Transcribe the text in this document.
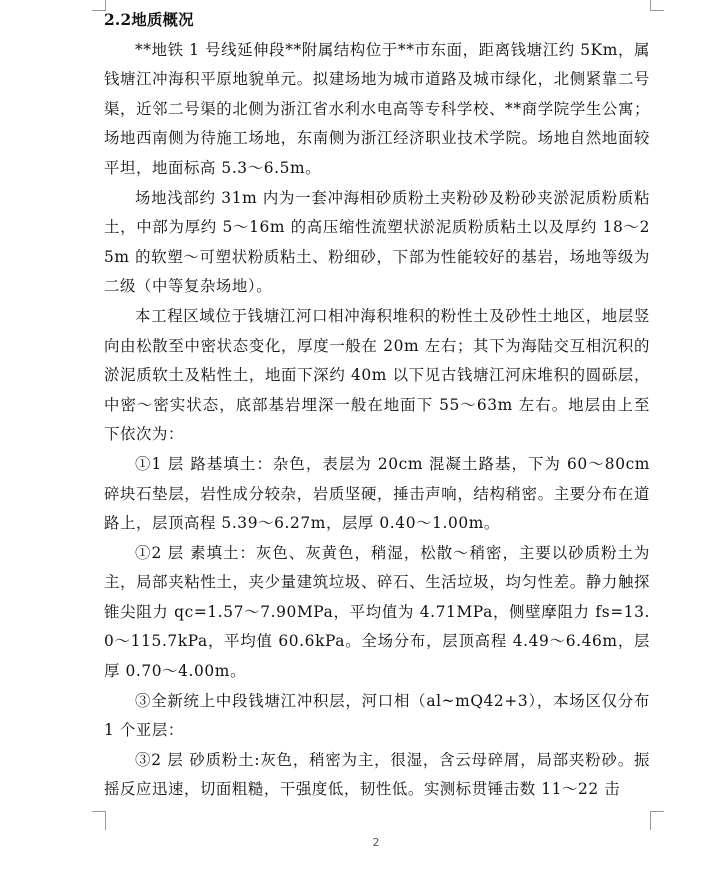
2.2地质概况

**地铁 1 号线延伸段**附属结构位于**市东面，距离钱塘江约 5Km，属钱塘江冲海积平原地貌单元。拟建场地为城市道路及城市绿化，北侧紧靠二号渠，近邻二号渠的北侧为浙江省水利水电高等专科学校、**商学院学生公寓；场地西南侧为待施工场地，东南侧为浙江经济职业技术学院。场地自然地面较平坦，地面标高 5.3～6.5m。

场地浅部约 31m 内为一套冲海相砂质粉土夹粉砂及粉砂夹淤泥质粉质粘土，中部为厚约 5～16m 的高压缩性流塑状淤泥质粉质粘土以及厚约 18～25m 的软塑～可塑状粉质粘土、粉细砂，下部为性能较好的基岩，场地等级为二级（中等复杂场地）。

本工程区域位于钱塘江河口相冲海积堆积的粉性土及砂性土地区，地层竖向由松散至中密状态变化，厚度一般在 20m 左右；其下为海陆交互相沉积的淤泥质软土及粘性土，地面下深约 40m 以下见古钱塘江河床堆积的圆砾层，中密～密实状态，底部基岩埋深一般在地面下 55～63m 左右。地层由上至下依次为：

①1 层 路基填土：杂色，表层为 20cm 混凝土路基，下为 60～80cm 碎块石垫层，岩性成分较杂，岩质坚硬，捶击声响，结构稍密。主要分布在道路上，层顶高程 5.39～6.27m，层厚 0.40～1.00m。

①2 层 素填土：灰色、灰黄色，稍湿，松散～稍密，主要以砂质粉土为主，局部夹粘性土，夹少量建筑垃圾、碎石、生活垃圾，均匀性差。静力触探锥尖阻力 qc=1.57～7.90MPa，平均值为 4.71MPa，侧壁摩阻力 fs=13.0～115.7kPa，平均值 60.6kPa。全场分布，层顶高程 4.49～6.46m，层厚 0.70～4.00m。

③全新统上中段钱塘江冲积层，河口相（al~mQ42+3），本场区仅分布 1 个亚层：

③2 层 砂质粉土:灰色，稍密为主，很湿，含云母碎屑，局部夹粉砂。振摇反应迅速，切面粗糙，干强度低，韧性低。实测标贯锤击数 11～22 击

2
